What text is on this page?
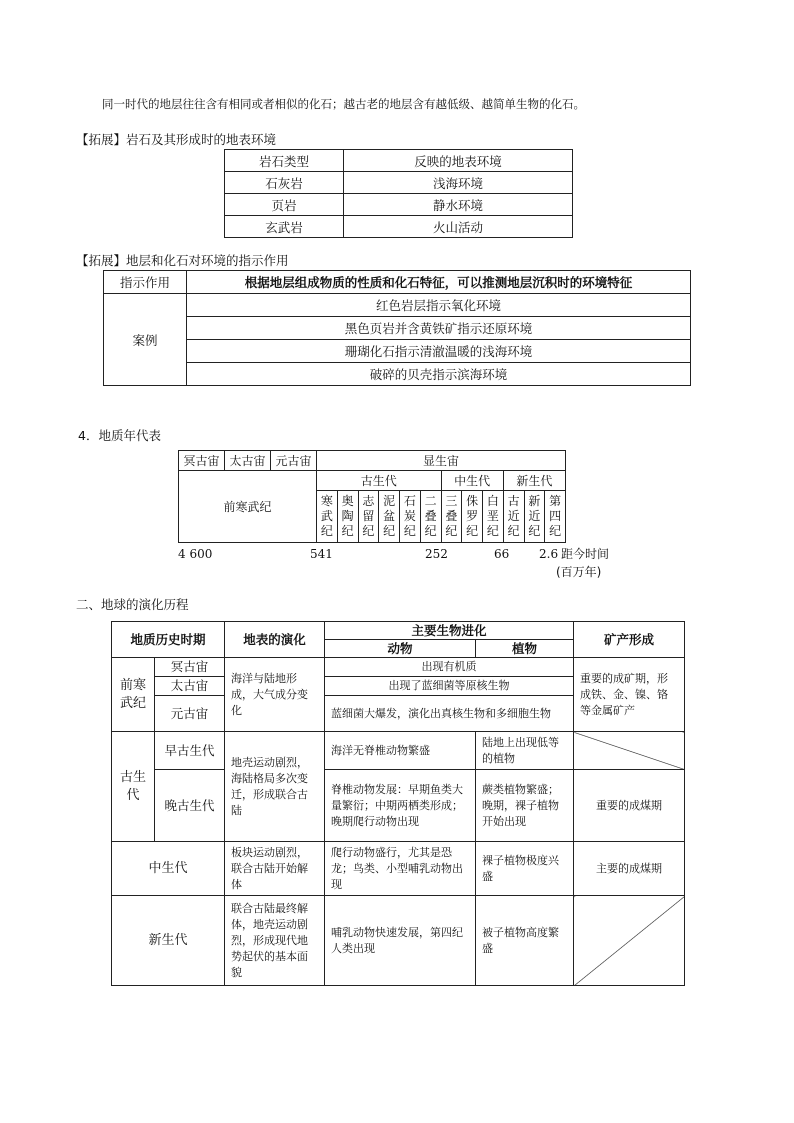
同一时代的地层往往含有相同或者相似的化石；越古老的地层含有越低级、越简单生物的化石。
【拓展】岩石及其形成时的地表环境
岩石类型	反映的地表环境
石灰岩	浅海环境
页岩	静水环境
玄武岩	火山活动
【拓展】地层和化石对环境的指示作用
指示作用	根据地层组成物质的性质和化石特征，可以推测地层沉积时的环境特征
案例	红色岩层指示氧化环境
	黑色页岩并含黄铁矿指示还原环境
	珊瑚化石指示清澈温暖的浅海环境
	破碎的贝壳指示滨海环境
4．地质年代表
冥古宙	太古宙	元古宙	显生宙											
前寒武纪			古生代						中生代			新生代		
			寒武纪	奥陶纪	志留纪	泥盆纪	石炭纪	二叠纪	三叠纪	侏罗纪	白垩纪	古近纪	新近纪	第四纪
4 600	541	252	66 2.6 距今时间
(百万年)
二、地球的演化历程
地质历史时期		地表的演化	主要生物进化		矿产形成
			动物	植物	
前寒武纪	冥古宙	海洋与陆地形成，大气成分变化	出现有机质		重要的成矿期，形成铁、金、镍、铬等金属矿产
	太古宙		出现了蓝细菌等原核生物		
	元古宙		蓝细菌大爆发，演化出真核生物和多细胞生物		
古生代	早古生代	地壳运动剧烈，海陆格局多次变迁，形成联合古陆	海洋无脊椎动物繁盛	陆地上出现低等的植物	
	晚古生代		脊椎动物发展：早期鱼类大量繁衍；中期两栖类形成；晚期爬行动物出现	蕨类植物繁盛；晚期，裸子植物开始出现	重要的成煤期
中生代		板块运动剧烈，联合古陆开始解体	爬行动物盛行，尤其是恐龙；鸟类、小型哺乳动物出现	裸子植物极度兴盛	主要的成煤期
新生代		联合古陆最终解体，地壳运动剧烈，形成现代地势起伏的基本面貌	哺乳动物快速发展，第四纪人类出现	被子植物高度繁盛	
